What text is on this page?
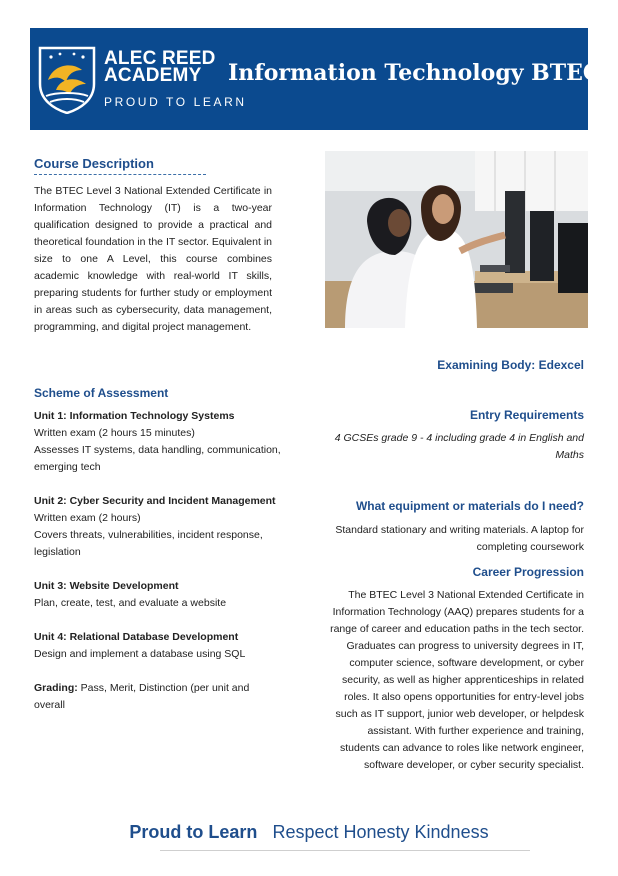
ALEC REED
ACADEMY
PROUD TO LEARN
Information Technology BTEC
Course Description
The BTEC Level 3 National Extended Certificate in Information Technology (IT) is a two-year qualification designed to provide a practical and theoretical foundation in the IT sector. Equivalent in size to one A Level, this course combines academic knowledge with real-world IT skills, preparing students for further study or employment in areas such as cybersecurity, data management, programming, and digital project management.
Scheme of Assessment
Unit 1: Information Technology Systems
Written exam (2 hours 15 minutes)
Assesses IT systems, data handling, communication, emerging tech
Unit 2: Cyber Security and Incident Management
Written exam (2 hours)
Covers threats, vulnerabilities, incident response, legislation
Unit 3: Website Development
Plan, create, test, and evaluate a website
Unit 4: Relational Database Development
Design and implement a database using SQL
Grading: Pass, Merit, Distinction (per unit and overall
Examining Body: Edexcel
Entry Requirements
4 GCSEs grade 9 - 4 including grade 4 in English and Maths
What equipment or materials do I need?
Standard stationary and writing materials. A laptop for completing coursework
Career Progression
The BTEC Level 3 National Extended Certificate in Information Technology (AAQ) prepares students for a range of career and education paths in the tech sector. Graduates can progress to university degrees in IT, computer science, software development, or cyber security, as well as higher apprenticeships in related roles. It also opens opportunities for entry-level jobs such as IT support, junior web developer, or helpdesk assistant. With further experience and training, students can advance to roles like network engineer, software developer, or cyber security specialist.
Proud to Learn Respect Honesty Kindness
